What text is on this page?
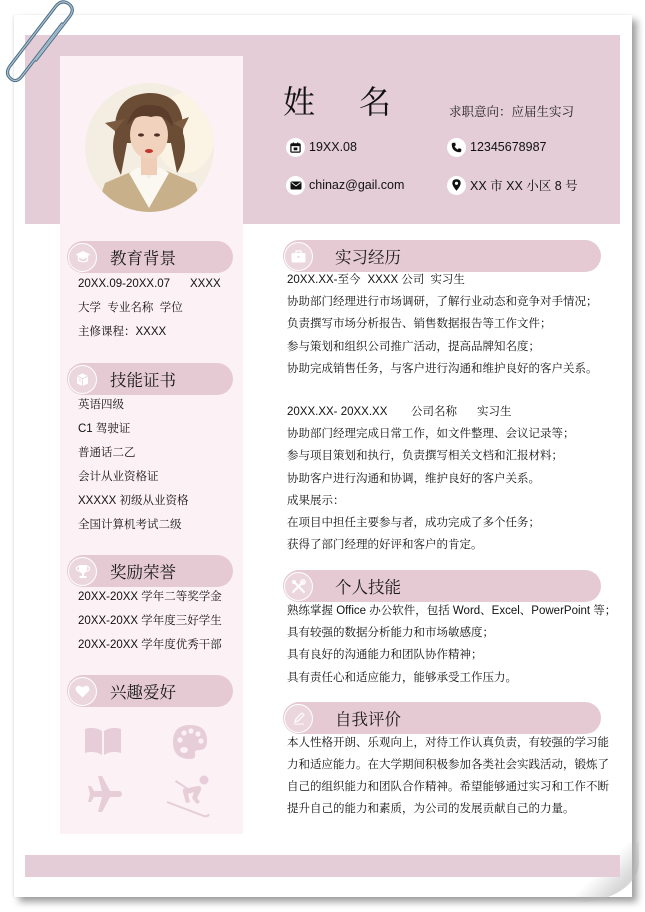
姓名 求职意向：应届生实习
19XX.08	12345678987
chinaz@gail.com	XX 市 XX 小区 8 号
教育背景
20XX.09-20XX.07	XXXX
大学  专业名称  学位
主修课程：XXXX
技能证书
英语四级
C1 驾驶证
普通话二乙
会计从业资格证
XXXXX 初级从业资格
全国计算机考试二级
奖励荣誉
20XX-20XX 学年二等奖学金
20XX-20XX 学年度三好学生
20XX-20XX 学年度优秀干部
兴趣爱好
实习经历
20XX.XX-至今 XXXX 公司 实习生
协助部门经理进行市场调研，了解行业动态和竞争对手情况；
负责撰写市场分析报告、销售数据报告等工作文件；
参与策划和组织公司推广活动，提高品牌知名度；
协助完成销售任务，与客户进行沟通和维护良好的客户关系。
20XX.XX- 20XX.XX	公司名称	实习生
协助部门经理完成日常工作，如文件整理、会议记录等；
参与项目策划和执行，负责撰写相关文档和汇报材料；
协助客户进行沟通和协调，维护良好的客户关系。
成果展示：
在项目中担任主要参与者，成功完成了多个任务；
获得了部门经理的好评和客户的肯定。
个人技能
熟练掌握 Office 办公软件，包括 Word、Excel、PowerPoint 等；
具有较强的数据分析能力和市场敏感度；
具有良好的沟通能力和团队协作精神；
具有责任心和适应能力，能够承受工作压力。
自我评价
本人性格开朗、乐观向上，对待工作认真负责，有较强的学习能
力和适应能力。在大学期间积极参加各类社会实践活动，锻炼了
自己的组织能力和团队合作精神。希望能够通过实习和工作不断
提升自己的能力和素质，为公司的发展贡献自己的力量。
